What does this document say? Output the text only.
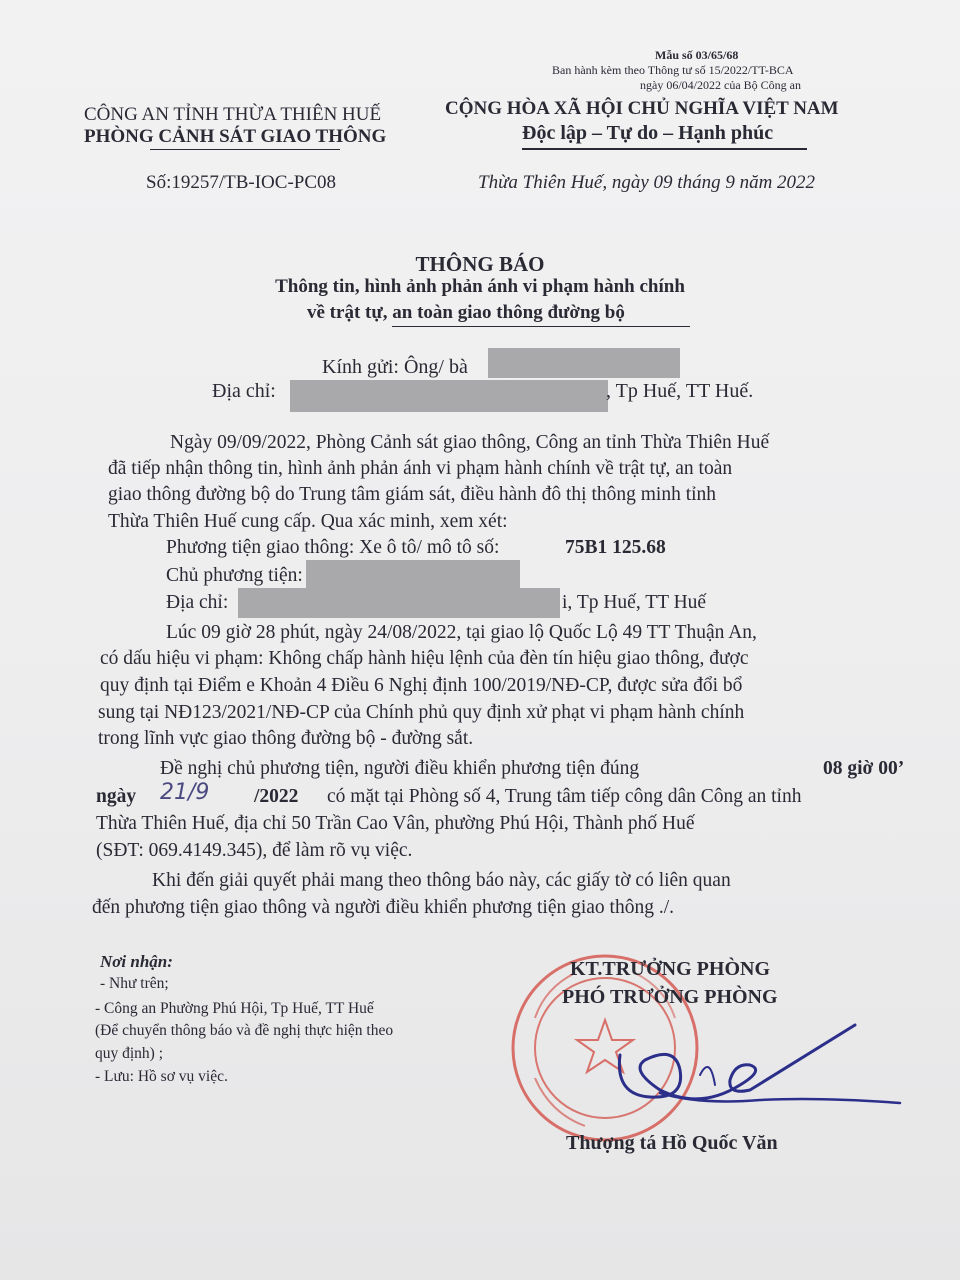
Mẫu số 03/65/68
Ban hành kèm theo Thông tư số 15/2022/TT-BCA
ngày 06/04/2022 của Bộ Công an
CÔNG AN TỈNH THỪA THIÊN HUẾ
PHÒNG CẢNH SÁT GIAO THÔNG
Số:19257/TB-IOC-PC08
CỘNG HÒA XÃ HỘI CHỦ NGHĨA VIỆT NAM
Độc lập – Tự do – Hạnh phúc
Thừa Thiên Huế, ngày 09 tháng 9 năm 2022
THÔNG BÁO
Thông tin, hình ảnh phản ánh vi phạm hành chính
về trật tự, an toàn giao thông đường bộ
Kính gửi: Ông/ bà
Địa chỉ:	, Tp Huế, TT Huế.
Ngày 09/09/2022, Phòng Cảnh sát giao thông, Công an tỉnh Thừa Thiên Huế
đã tiếp nhận thông tin, hình ảnh phản ánh vi phạm hành chính về trật tự, an toàn
giao thông đường bộ do Trung tâm giám sát, điều hành đô thị thông minh tỉnh
Thừa Thiên Huế cung cấp. Qua xác minh, xem xét:
Phương tiện giao thông: Xe ô tô/ mô tô số:	75B1 125.68
Chủ phương tiện:
Địa chỉ:	i, Tp Huế, TT Huế
Lúc 09 giờ 28 phút, ngày 24/08/2022, tại giao lộ Quốc Lộ 49 TT Thuận An,
có dấu hiệu vi phạm: Không chấp hành hiệu lệnh của đèn tín hiệu giao thông, được
quy định tại Điểm e Khoản 4 Điều 6 Nghị định 100/2019/NĐ-CP, được sửa đổi bổ
sung tại NĐ123/2021/NĐ-CP của Chính phủ quy định xử phạt vi phạm hành chính
trong lĩnh vực giao thông đường bộ - đường sắt.
Đề nghị chủ phương tiện, người điều khiển phương tiện đúng	08 giờ 00’
ngày 21/9 /2022 có mặt tại Phòng số 4, Trung tâm tiếp công dân Công an tỉnh
Thừa Thiên Huế, địa chỉ 50 Trần Cao Vân, phường Phú Hội, Thành phố Huế
(SĐT: 069.4149.345), để làm rõ vụ việc.
Khi đến giải quyết phải mang theo thông báo này, các giấy tờ có liên quan
đến phương tiện giao thông và người điều khiển phương tiện giao thông ./.
Nơi nhận:
- Như trên;
- Công an Phường Phú Hội, Tp Huế, TT Huế
(Để chuyển thông báo và đề nghị thực hiện theo
quy định) ;
- Lưu: Hồ sơ vụ việc.
KT.TRƯỞNG PHÒNG
PHÓ TRƯỞNG PHÒNG
Thượng tá Hồ Quốc Văn
